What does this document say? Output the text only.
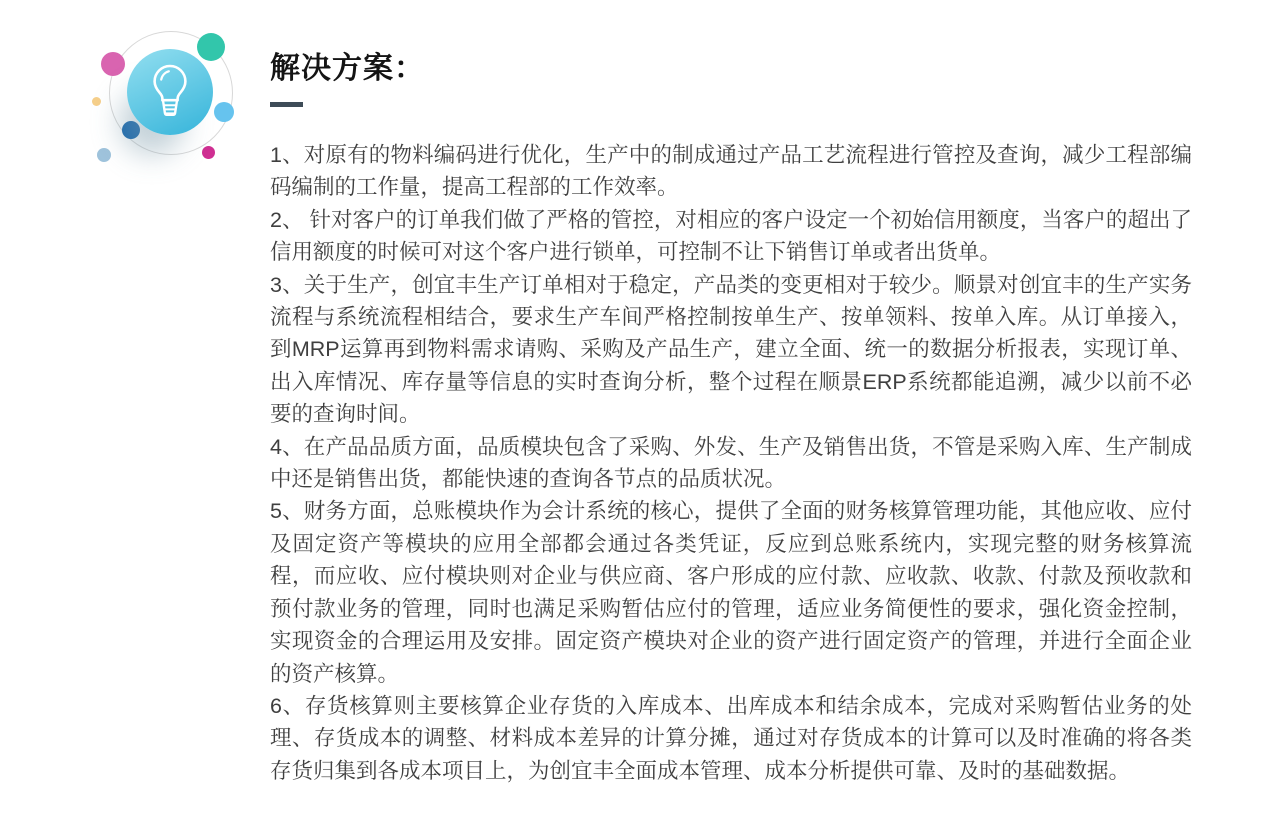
解决方案：

1、对原有的物料编码进行优化，生产中的制成通过产品工艺流程进行管控及查询，减少工程部编码编制的工作量，提高工程部的工作效率。

2、 针对客户的订单我们做了严格的管控，对相应的客户设定一个初始信用额度，当客户的超出了信用额度的时候可对这个客户进行锁单，可控制不让下销售订单或者出货单。

3、关于生产，创宜丰生产订单相对于稳定，产品类的变更相对于较少。顺景对创宜丰的生产实务流程与系统流程相结合，要求生产车间严格控制按单生产、按单领料、按单入库。从订单接入，到MRP运算再到物料需求请购、采购及产品生产，建立全面、统一的数据分析报表，实现订单、出入库情况、库存量等信息的实时查询分析，整个过程在顺景ERP系统都能追溯，减少以前不必要的查询时间。

4、在产品品质方面，品质模块包含了采购、外发、生产及销售出货，不管是采购入库、生产制成中还是销售出货，都能快速的查询各节点的品质状况。

5、财务方面，总账模块作为会计系统的核心，提供了全面的财务核算管理功能，其他应收、应付及固定资产等模块的应用全部都会通过各类凭证，反应到总账系统内，实现完整的财务核算流程，而应收、应付模块则对企业与供应商、客户形成的应付款、应收款、收款、付款及预收款和预付款业务的管理，同时也满足采购暂估应付的管理，适应业务简便性的要求，强化资金控制，实现资金的合理运用及安排。固定资产模块对企业的资产进行固定资产的管理，并进行全面企业的资产核算。

6、存货核算则主要核算企业存货的入库成本、出库成本和结余成本，完成对采购暂估业务的处理、存货成本的调整、材料成本差异的计算分摊，通过对存货成本的计算可以及时准确的将各类存货归集到各成本项目上，为创宜丰全面成本管理、成本分析提供可靠、及时的基础数据。
